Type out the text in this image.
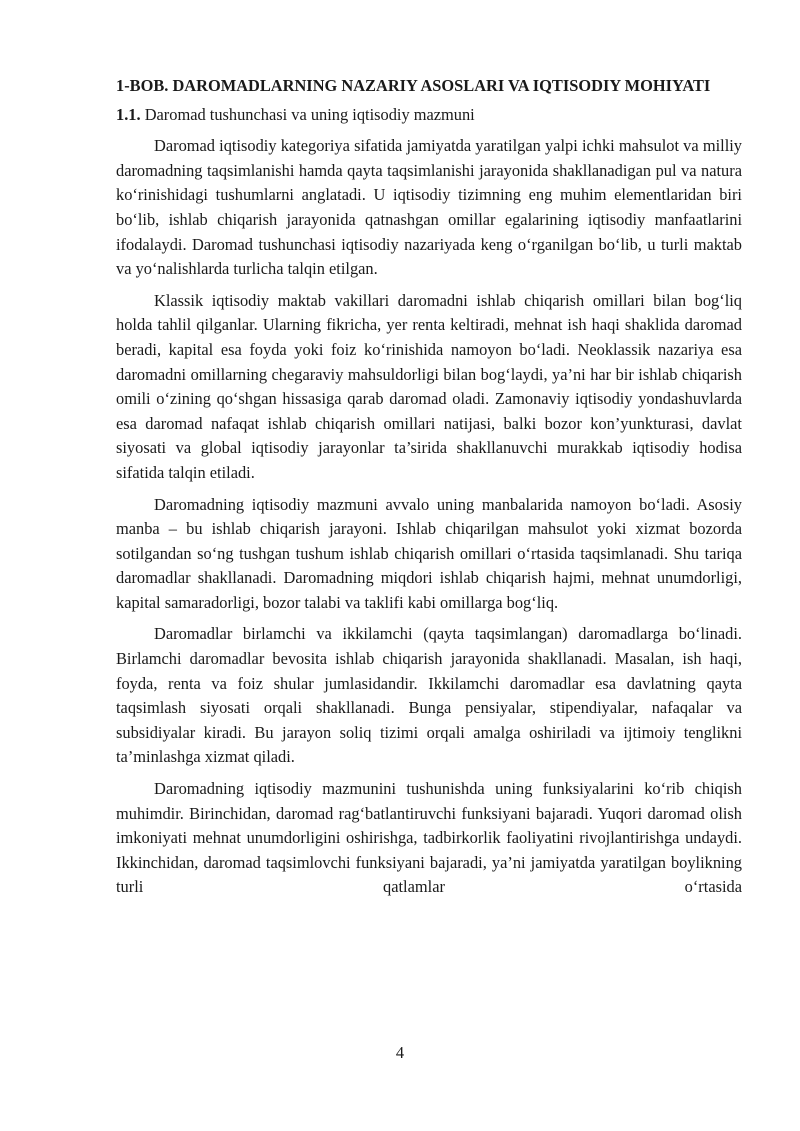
1-BOB. DAROMADLARNING NAZARIY ASOSLARI VA IQTISODIY MOHIYATI
1.1. Daromad tushunchasi va uning iqtisodiy mazmuni

Daromad iqtisodiy kategoriya sifatida jamiyatda yaratilgan yalpi ichki mahsulot va milliy daromadning taqsimlanishi hamda qayta taqsimlanishi jarayonida shakllanadigan pul va natura ko‘rinishidagi tushumlarni anglatadi. U iqtisodiy tizimning eng muhim elementlaridan biri bo‘lib, ishlab chiqarish jarayonida qatnashgan omillar egalarining iqtisodiy manfaatlarini ifodalaydi. Daromad tushunchasi iqtisodiy nazariyada keng o‘rganilgan bo‘lib, u turli maktab va yo‘nalishlarda turlicha talqin etilgan.

Klassik iqtisodiy maktab vakillari daromadni ishlab chiqarish omillari bilan bog‘liq holda tahlil qilganlar. Ularning fikricha, yer renta keltiradi, mehnat ish haqi shaklida daromad beradi, kapital esa foyda yoki foiz ko‘rinishida namoyon bo‘ladi. Neoklassik nazariya esa daromadni omillarning chegaraviy mahsuldorligi bilan bog‘laydi, ya’ni har bir ishlab chiqarish omili o‘zining qo‘shgan hissasiga qarab daromad oladi. Zamonaviy iqtisodiy yondashuvlarda esa daromad nafaqat ishlab chiqarish omillari natijasi, balki bozor kon’yunkturasi, davlat siyosati va global iqtisodiy jarayonlar ta’sirida shakllanuvchi murakkab iqtisodiy hodisa sifatida talqin etiladi.

Daromadning iqtisodiy mazmuni avvalo uning manbalarida namoyon bo‘ladi. Asosiy manba – bu ishlab chiqarish jarayoni. Ishlab chiqarilgan mahsulot yoki xizmat bozorda sotilgandan so‘ng tushgan tushum ishlab chiqarish omillari o‘rtasida taqsimlanadi. Shu tariqa daromadlar shakllanadi. Daromadning miqdori ishlab chiqarish hajmi, mehnat unumdorligi, kapital samaradorligi, bozor talabi va taklifi kabi omillarga bog‘liq.

Daromadlar birlamchi va ikkilamchi (qayta taqsimlangan) daromadlarga bo‘linadi. Birlamchi daromadlar bevosita ishlab chiqarish jarayonida shakllanadi. Masalan, ish haqi, foyda, renta va foiz shular jumlasidandir. Ikkilamchi daromadlar esa davlatning qayta taqsimlash siyosati orqali shakllanadi. Bunga pensiyalar, stipendiyalar, nafaqalar va subsidiyalar kiradi. Bu jarayon soliq tizimi orqali amalga oshiriladi va ijtimoiy tenglikni ta’minlashga xizmat qiladi.

Daromadning iqtisodiy mazmunini tushunishda uning funksiyalarini ko‘rib chiqish muhimdir. Birinchidan, daromad rag‘batlantiruvchi funksiyani bajaradi. Yuqori daromad olish imkoniyati mehnat unumdorligini oshirishga, tadbirkorlik faoliyatini rivojlantirishga undaydi. Ikkinchidan, daromad taqsimlovchi funksiyani bajaradi, ya’ni jamiyatda yaratilgan boylikning turli qatlamlar o‘rtasida

4
